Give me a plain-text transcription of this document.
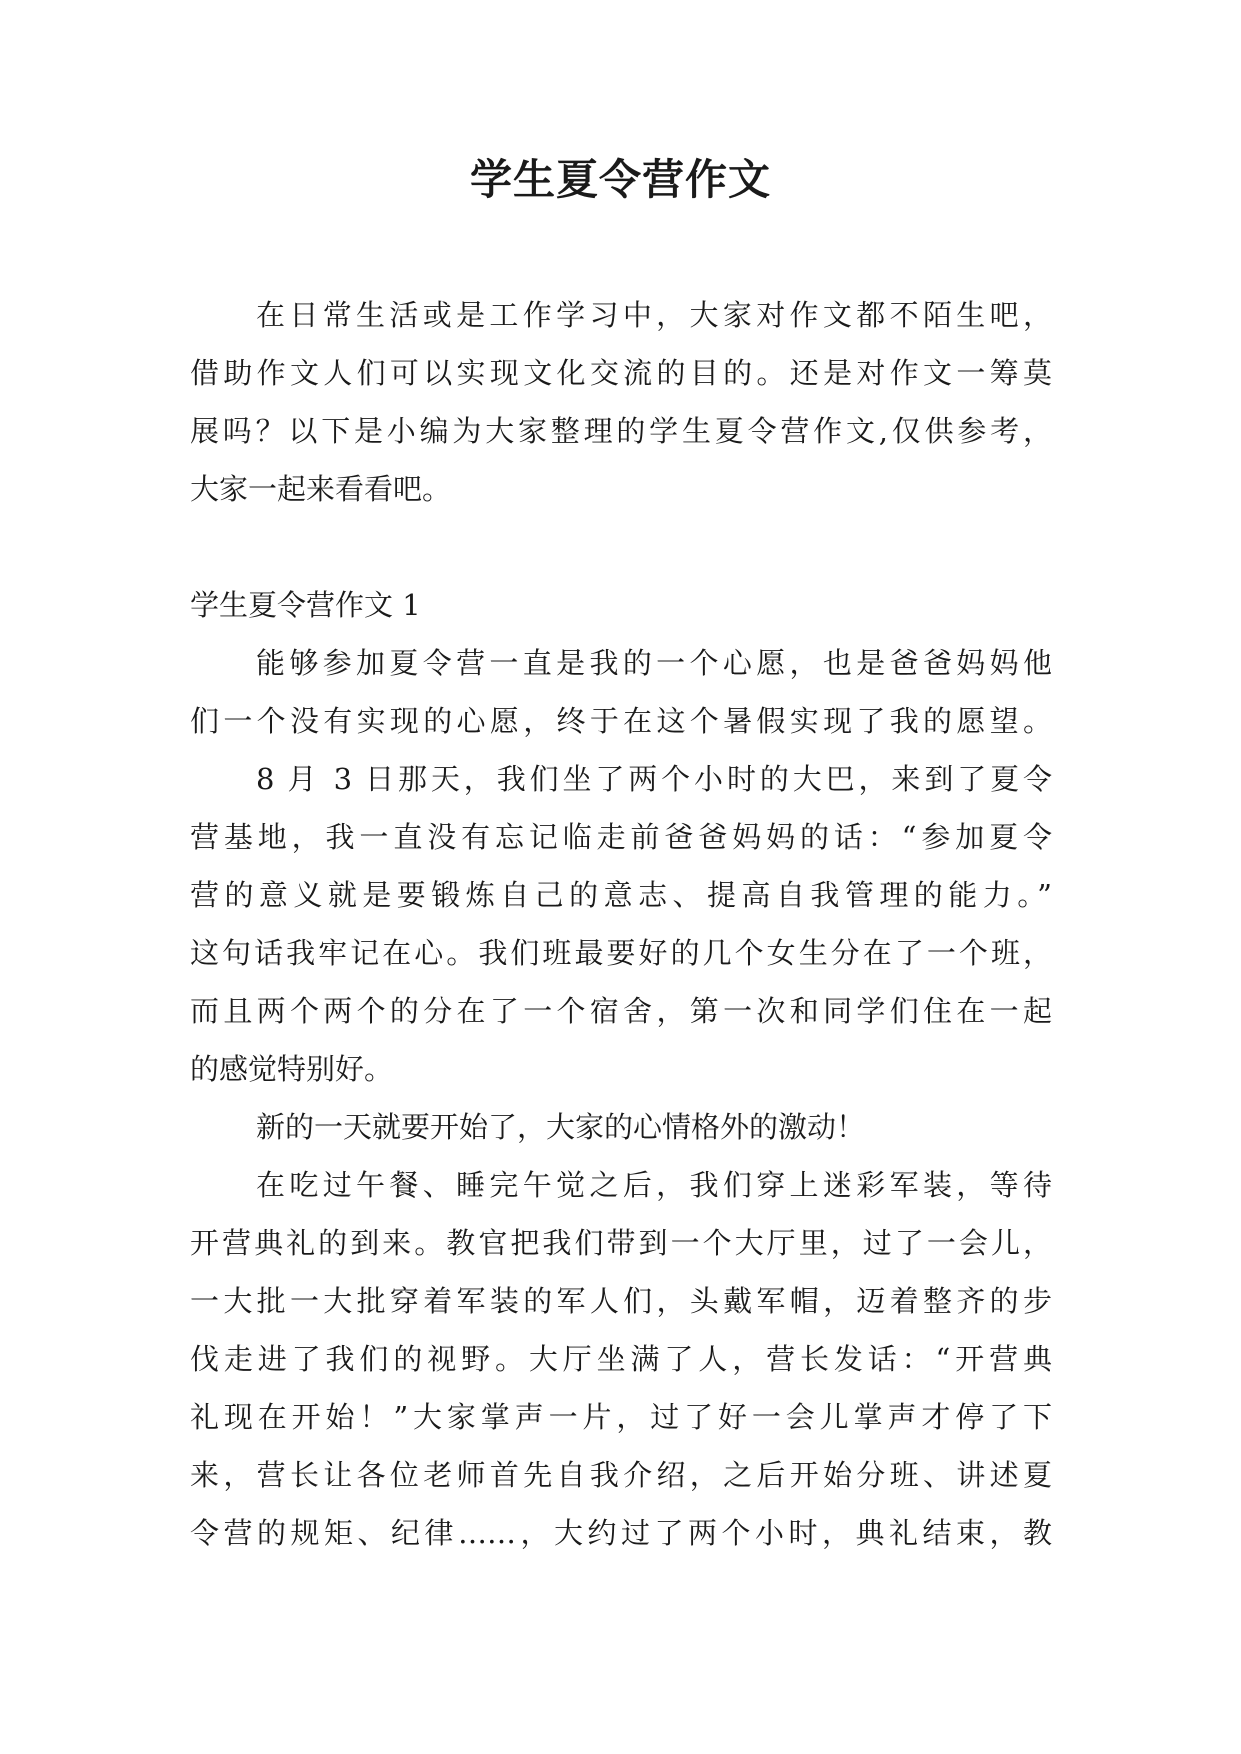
学生夏令营作文
在日常生活或是工作学习中，大家对作文都不陌生吧，
借助作文人们可以实现文化交流的目的。还是对作文一筹莫
展吗？以下是小编为大家整理的学生夏令营作文,仅供参考，
大家一起来看看吧。
学生夏令营作文 1
能够参加夏令营一直是我的一个心愿，也是爸爸妈妈他
们一个没有实现的心愿，终于在这个暑假实现了我的愿望。
8 月 3 日那天，我们坐了两个小时的大巴，来到了夏令
营基地，我一直没有忘记临走前爸爸妈妈的话：“参加夏令
营的意义就是要锻炼自己的意志、提高自我管理的能力。”
这句话我牢记在心。我们班最要好的几个女生分在了一个班，
而且两个两个的分在了一个宿舍，第一次和同学们住在一起
的感觉特别好。
新的一天就要开始了，大家的心情格外的激动！
在吃过午餐、睡完午觉之后，我们穿上迷彩军装，等待
开营典礼的到来。教官把我们带到一个大厅里，过了一会儿，
一大批一大批穿着军装的军人们，头戴军帽，迈着整齐的步
伐走进了我们的视野。大厅坐满了人，营长发话：“开营典
礼现在开始！”大家掌声一片，过了好一会儿掌声才停了下
来，营长让各位老师首先自我介绍，之后开始分班、讲述夏
令营的规矩、纪律……，大约过了两个小时，典礼结束，教
